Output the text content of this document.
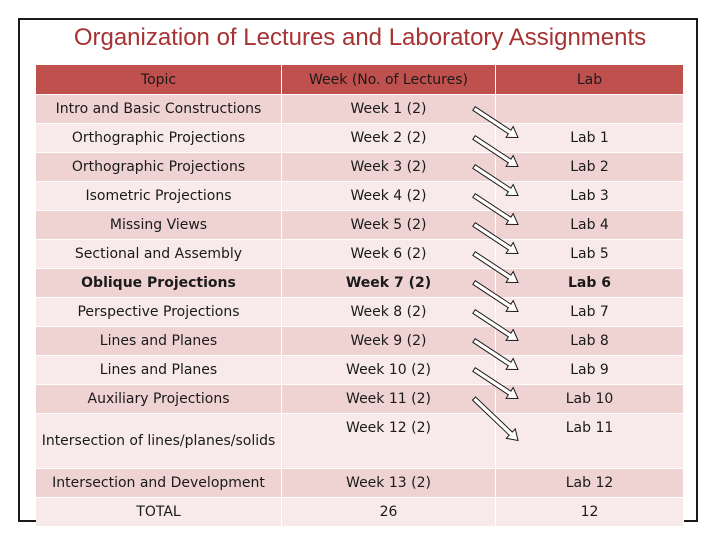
Organization of Lectures and Laboratory Assignments
Topic	Week (No. of Lectures)	Lab
Intro and Basic Constructions	Week 1 (2)	
Orthographic Projections	Week 2 (2)	Lab 1
Orthographic Projections	Week 3 (2)	Lab 2
Isometric Projections	Week 4 (2)	Lab 3
Missing Views	Week 5 (2)	Lab 4
Sectional and Assembly	Week 6 (2)	Lab 5
Oblique Projections	Week 7 (2)	Lab 6
Perspective Projections	Week 8 (2)	Lab 7
Lines and Planes	Week 9 (2)	Lab 8
Lines and Planes	Week 10 (2)	Lab 9
Auxiliary Projections	Week 11 (2)	Lab 10
Intersection of lines/planes/solids	Week 12 (2)	Lab 11
Intersection and Development	Week 13 (2)	Lab 12
TOTAL	26	12
